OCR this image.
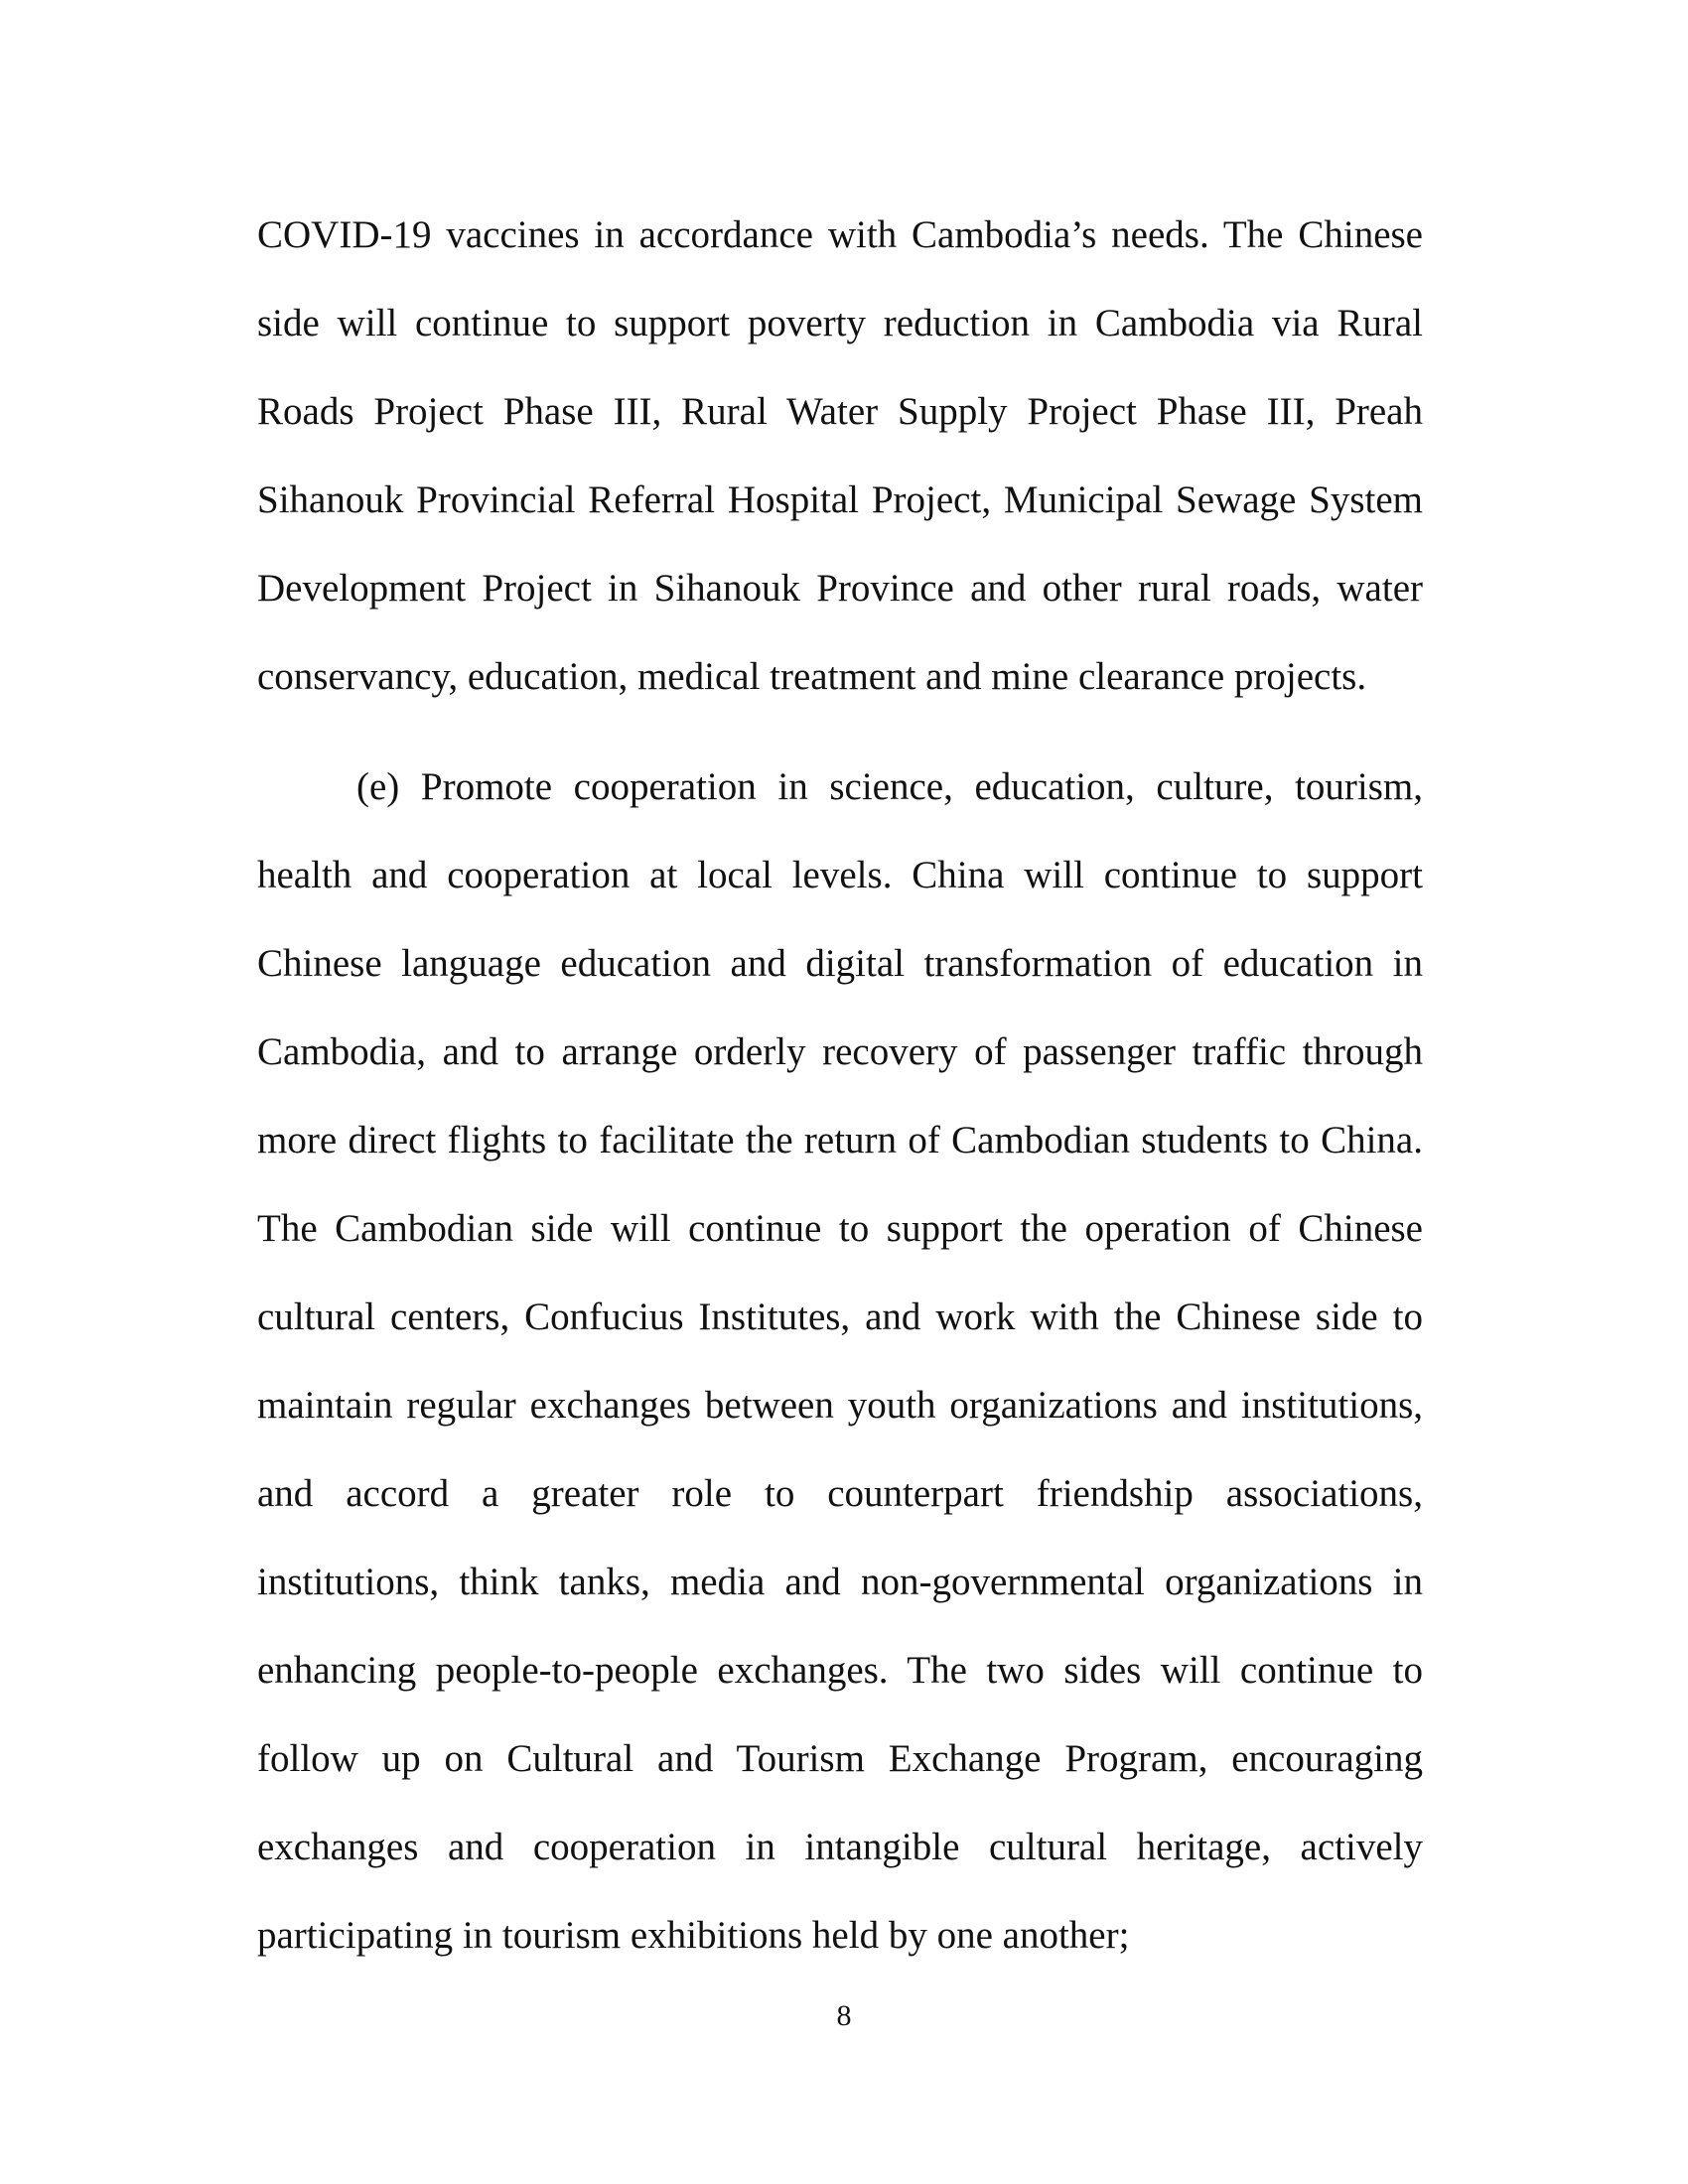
COVID-19 vaccines in accordance with Cambodia’s needs. The Chinese side will continue to support poverty reduction in Cambodia via Rural Roads Project Phase III, Rural Water Supply Project Phase III, Preah Sihanouk Provincial Referral Hospital Project, Municipal Sewage System Development Project in Sihanouk Province and other rural roads, water conservancy, education, medical treatment and mine clearance projects.

(e) Promote cooperation in science, education, culture, tourism, health and cooperation at local levels. China will continue to support Chinese language education and digital transformation of education in Cambodia, and to arrange orderly recovery of passenger traffic through more direct flights to facilitate the return of Cambodian students to China. The Cambodian side will continue to support the operation of Chinese cultural centers, Confucius Institutes, and work with the Chinese side to maintain regular exchanges between youth organizations and institutions, and accord a greater role to counterpart friendship associations, institutions, think tanks, media and non-governmental organizations in enhancing people-to-people exchanges. The two sides will continue to follow up on Cultural and Tourism Exchange Program, encouraging exchanges and cooperation in intangible cultural heritage, actively participating in tourism exhibitions held by one another;

8
